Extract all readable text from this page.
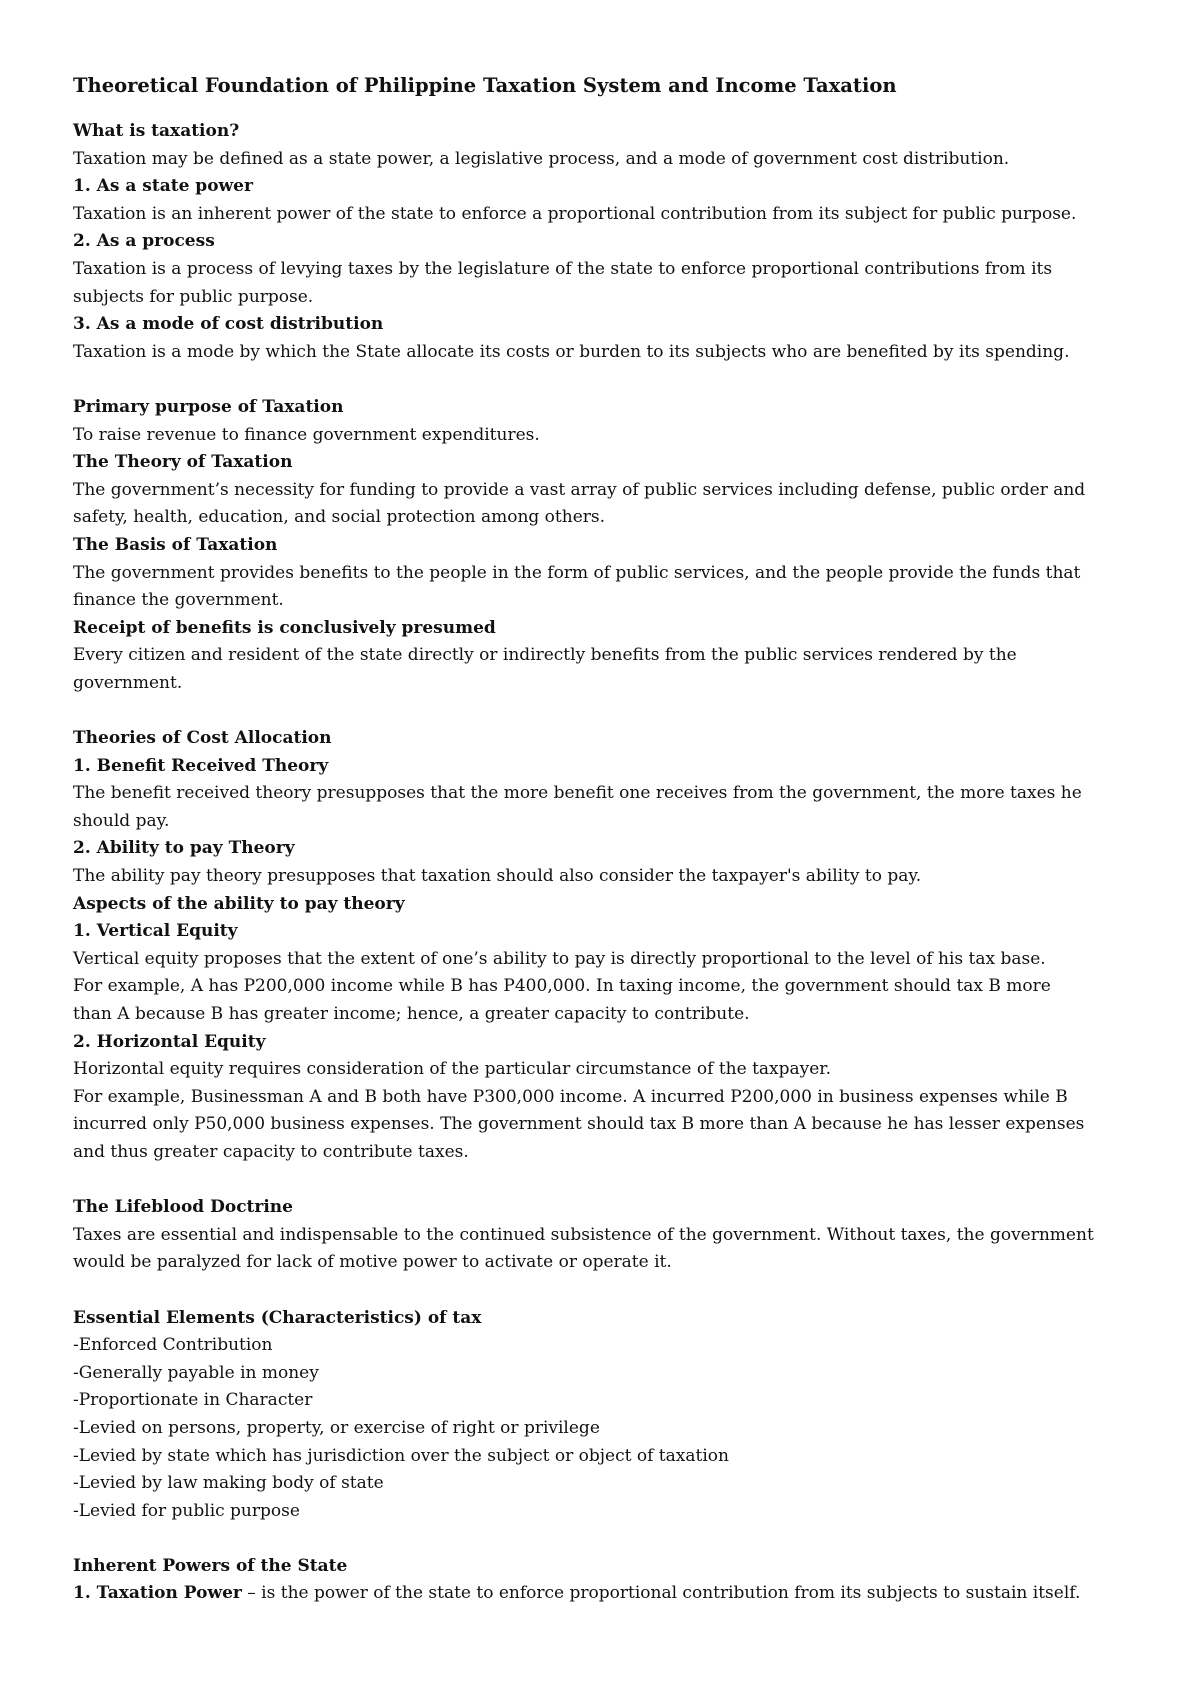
Theoretical Foundation of Philippine Taxation System and Income Taxation
What is taxation?
Taxation may be defined as a state power, a legislative process, and a mode of government cost distribution.
1. As a state power
Taxation is an inherent power of the state to enforce a proportional contribution from its subject for public purpose.
2. As a process
Taxation is a process of levying taxes by the legislature of the state to enforce proportional contributions from its
subjects for public purpose.
3. As a mode of cost distribution
Taxation is a mode by which the State allocate its costs or burden to its subjects who are benefited by its spending.
Primary purpose of Taxation
To raise revenue to finance government expenditures.
The Theory of Taxation
The government’s necessity for funding to provide a vast array of public services including defense, public order and
safety, health, education, and social protection among others.
The Basis of Taxation
The government provides benefits to the people in the form of public services, and the people provide the funds that
finance the government.
Receipt of benefits is conclusively presumed
Every citizen and resident of the state directly or indirectly benefits from the public services rendered by the
government.
Theories of Cost Allocation
1. Benefit Received Theory
The benefit received theory presupposes that the more benefit one receives from the government, the more taxes he
should pay.
2. Ability to pay Theory
The ability pay theory presupposes that taxation should also consider the taxpayer's ability to pay.
Aspects of the ability to pay theory
1. Vertical Equity
Vertical equity proposes that the extent of one’s ability to pay is directly proportional to the level of his tax base.
For example, A has P200,000 income while B has P400,000. In taxing income, the government should tax B more
than A because B has greater income; hence, a greater capacity to contribute.
2. Horizontal Equity
Horizontal equity requires consideration of the particular circumstance of the taxpayer.
For example, Businessman A and B both have P300,000 income. A incurred P200,000 in business expenses while B
incurred only P50,000 business expenses. The government should tax B more than A because he has lesser expenses
and thus greater capacity to contribute taxes.
The Lifeblood Doctrine
Taxes are essential and indispensable to the continued subsistence of the government. Without taxes, the government
would be paralyzed for lack of motive power to activate or operate it.
Essential Elements (Characteristics) of tax
-Enforced Contribution
-Generally payable in money
-Proportionate in Character
-Levied on persons, property, or exercise of right or privilege
-Levied by state which has jurisdiction over the subject or object of taxation
-Levied by law making body of state
-Levied for public purpose
Inherent Powers of the State
1. Taxation Power – is the power of the state to enforce proportional contribution from its subjects to sustain itself.
